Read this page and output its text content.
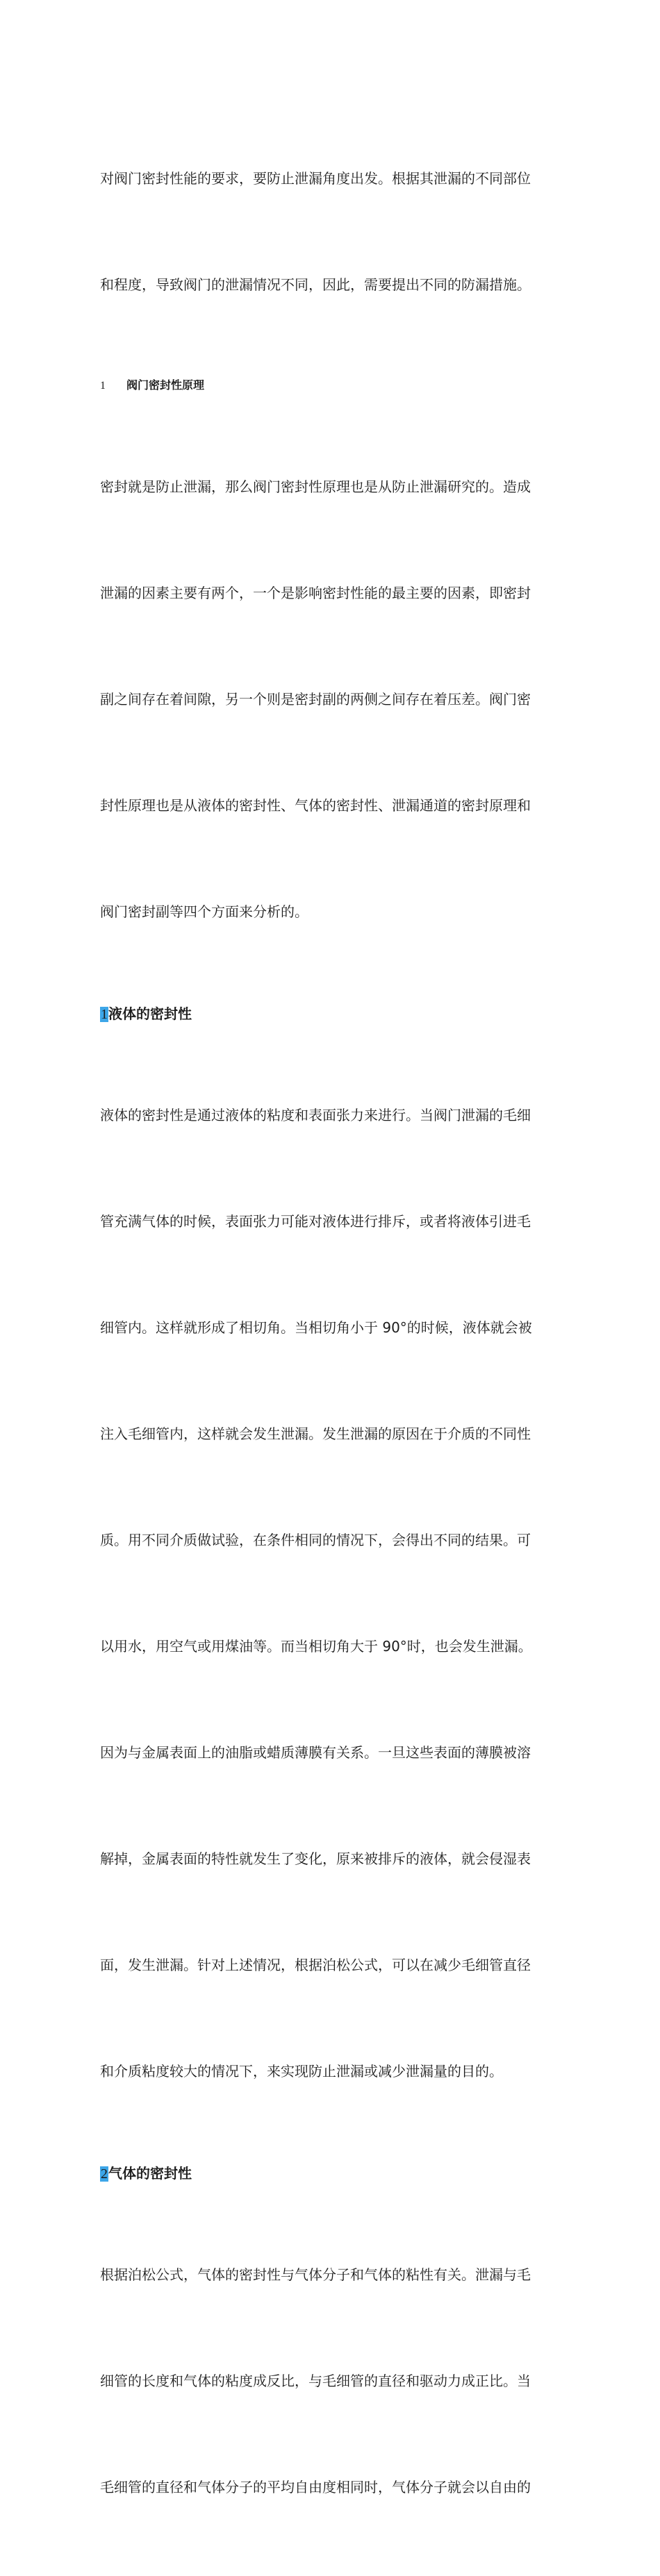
对阀门密封性能的要求，要防止泄漏角度出发。根据其泄漏的不同部位

和程度，导致阀门的泄漏情况不同，因此，需要提出不同的防漏措施。

1 阀门密封性原理

密封就是防止泄漏，那么阀门密封性原理也是从防止泄漏研究的。造成

泄漏的因素主要有两个，一个是影响密封性能的最主要的因素，即密封

副之间存在着间隙，另一个则是密封副的两侧之间存在着压差。阀门密

封性原理也是从液体的密封性、气体的密封性、泄漏通道的密封原理和

阀门密封副等四个方面来分析的。

1液体的密封性

液体的密封性是通过液体的粘度和表面张力来进行。当阀门泄漏的毛细

管充满气体的时候，表面张力可能对液体进行排斥，或者将液体引进毛

细管内。这样就形成了相切角。当相切角小于 90°的时候，液体就会被

注入毛细管内，这样就会发生泄漏。发生泄漏的原因在于介质的不同性

质。用不同介质做试验，在条件相同的情况下，会得出不同的结果。可

以用水，用空气或用煤油等。而当相切角大于 90°时，也会发生泄漏。

因为与金属表面上的油脂或蜡质薄膜有关系。一旦这些表面的薄膜被溶

解掉，金属表面的特性就发生了变化，原来被排斥的液体，就会侵湿表

面，发生泄漏。针对上述情况，根据泊松公式，可以在减少毛细管直径

和介质粘度较大的情况下，来实现防止泄漏或减少泄漏量的目的。

2气体的密封性

根据泊松公式，气体的密封性与气体分子和气体的粘性有关。泄漏与毛

细管的长度和气体的粘度成反比，与毛细管的直径和驱动力成正比。当

毛细管的直径和气体分子的平均自由度相同时，气体分子就会以自由的
